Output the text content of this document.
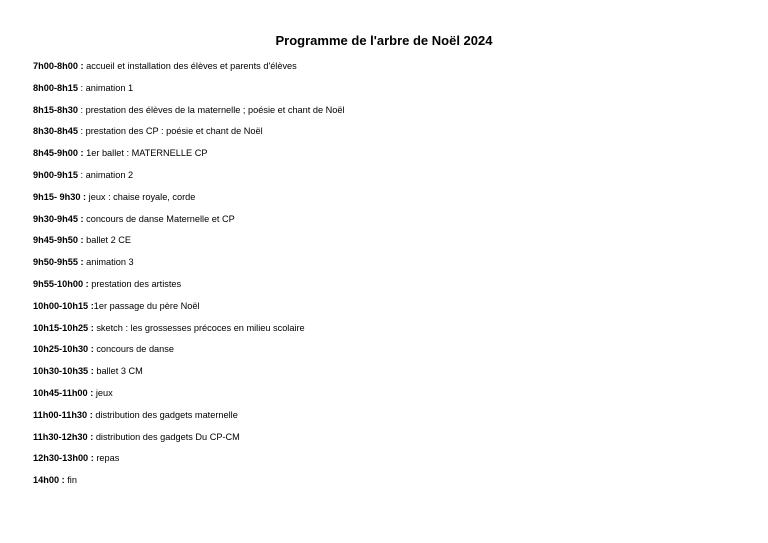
Programme de l'arbre de Noël 2024
7h00-8h00 : accueil et installation des élèves et parents d'élèves
8h00-8h15 : animation 1
8h15-8h30 : prestation des élèves de la maternelle ; poésie et chant de Noël
8h30-8h45 : prestation des CP : poésie et chant de Noël
8h45-9h00 : 1er ballet : MATERNELLE CP
9h00-9h15 : animation 2
9h15- 9h30 : jeux : chaise royale, corde
9h30-9h45 : concours de danse Maternelle et CP
9h45-9h50 : ballet 2 CE
9h50-9h55 : animation 3
9h55-10h00 : prestation des artistes
10h00-10h15 :1er passage du père Noël
10h15-10h25 : sketch : les grossesses précoces en milieu scolaire
10h25-10h30 : concours de danse
10h30-10h35 : ballet 3 CM
10h45-11h00 : jeux
11h00-11h30 : distribution des gadgets maternelle
11h30-12h30 : distribution des gadgets Du CP-CM
12h30-13h00 : repas
14h00 : fin
